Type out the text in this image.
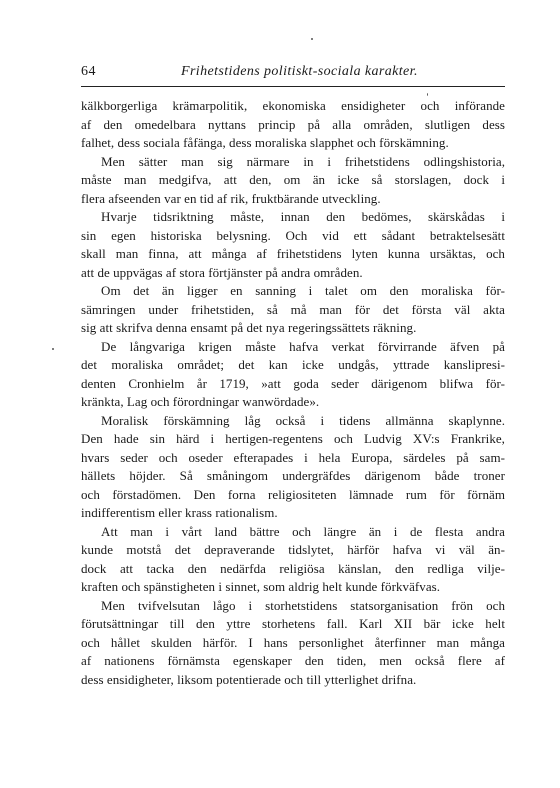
64	Frihetstidens politiskt-sociala karakter.
kälkborgerliga krämarpolitik, ekonomiska ensidigheter och införande
af den omedelbara nyttans princip på alla områden, slutligen dess
falhet, dess sociala fåfänga, dess moraliska slapphet och förskämning.
Men sätter man sig närmare in i frihetstidens odlingshistoria,
måste man medgifva, att den, om än icke så storslagen, dock i
flera afseenden var en tid af rik, fruktbärande utveckling.
Hvarje tidsriktning måste, innan den bedömes, skärskådas i
sin egen historiska belysning. Och vid ett sådant betraktelsesätt
skall man finna, att många af frihetstidens lyten kunna ursäktas, och
att de uppvägas af stora förtjänster på andra områden.
Om det än ligger en sanning i talet om den moraliska för-
sämringen under frihetstiden, så må man för det första väl akta
sig att skrifva denna ensamt på det nya regeringssättets räkning.
De långvariga krigen måste hafva verkat förvirrande äfven på
det moraliska området; det kan icke undgås, yttrade kanslipresi-
denten Cronhielm år 1719, »att goda seder därigenom blifwa för-
kränkta, Lag och förordningar wanwördade».
Moralisk förskämning låg också i tidens allmänna skaplynne.
Den hade sin härd i hertigen-regentens och Ludvig XV:s Frankrike,
hvars seder och oseder efterapades i hela Europa, särdeles på sam-
hällets höjder. Så småningom undergräfdes därigenom både troner
och förstadömen. Den forna religiositeten lämnade rum för förnäm
indifferentism eller krass rationalism.
Att man i vårt land bättre och längre än i de flesta andra
kunde motstå det depraverande tidslytet, härför hafva vi väl än-
dock att tacka den nedärfda religiösa känslan, den redliga vilje-
kraften och spänstigheten i sinnet, som aldrig helt kunde förkväfvas.
Men tvifvelsutan lågo i storhetstidens statsorganisation frön och
förutsättningar till den yttre storhetens fall. Karl XII bär icke helt
och hållet skulden härför. I hans personlighet återfinner man många
af nationens förnämsta egenskaper den tiden, men också flere af
dess ensidigheter, liksom potentierade och till ytterlighet drifna.
